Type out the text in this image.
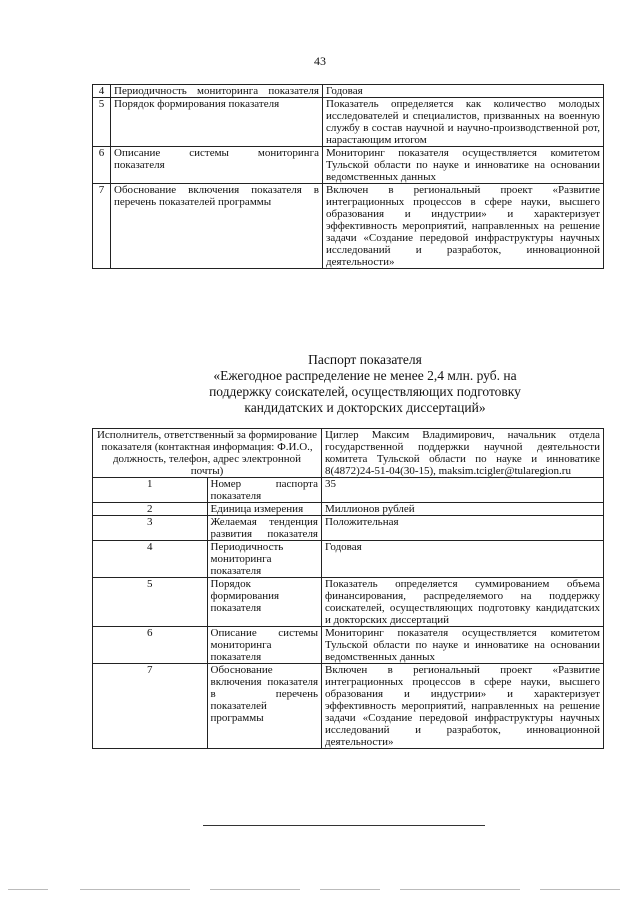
43
4	Периодичность мониторинга показателя	Годовая
5	Порядок формирования показателя	Показатель определяется как количество молодых исследователей и специалистов, призванных на военную службу в состав научной и научно-производственной рот, нарастающим итогом
6	Описание системы мониторинга показателя	Мониторинг показателя осуществляется комитетом Тульской области по науке и инноватике на основании ведомственных данных
7	Обоснование включения показателя в перечень показателей программы	Включен в региональный проект «Развитие интеграционных процессов в сфере науки, высшего образования и индустрии» и характеризует эффективность мероприятий, направленных на решение задачи «Создание передовой инфраструктуры научных исследований и разработок, инновационной деятельности»
Паспорт показателя
«Ежегодное распределение не менее 2,4 млн. руб. на поддержку соискателей, осуществляющих подготовку кандидатских и докторских диссертаций»
Исполнитель, ответственный за формирование показателя (контактная информация: Ф.И.О., должность, телефон, адрес электронной почты)		Циглер Максим Владимирович, начальник отдела государственной поддержки научной деятельности комитета Тульской области по науке и инноватике 8(4872)24-51-04(30-15), maksim.tcigler@tularegion.ru
1	Номер паспорта показателя	35
2	Единица измерения	Миллионов рублей
3	Желаемая тенденция развития показателя	Положительная
4	Периодичность мониторинга показателя	Годовая
5	Порядок формирования показателя	Показатель определяется суммированием объема финансирования, распределяемого на поддержку соискателей, осуществляющих подготовку кандидатских и докторских диссертаций
6	Описание системы мониторинга показателя	Мониторинг показателя осуществляется комитетом Тульской области по науке и инноватике на основании ведомственных данных
7	Обоснование включения показателя в перечень показателей программы	Включен в региональный проект «Развитие интеграционных процессов в сфере науки, высшего образования и индустрии» и характеризует эффективность мероприятий, направленных на решение задачи «Создание передовой инфраструктуры научных исследований и разработок, инновационной деятельности»
